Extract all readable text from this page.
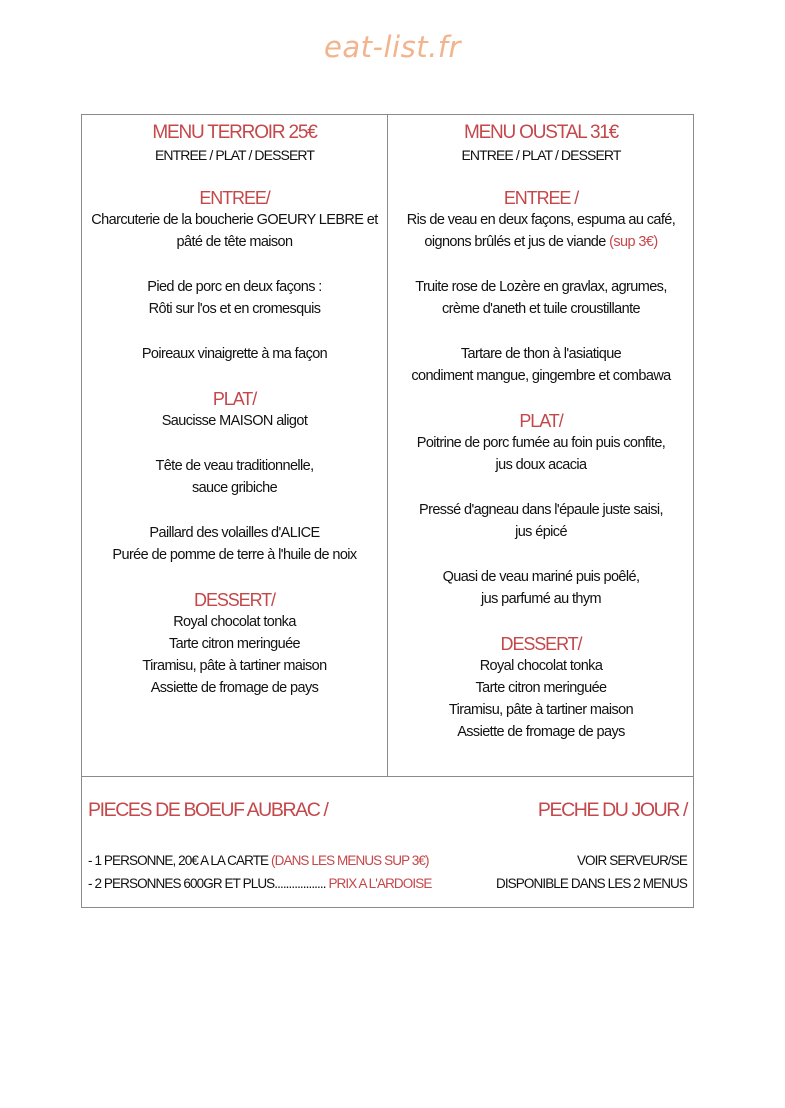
eat-list.fr
MENU TERROIR 25€
ENTREE / PLAT / DESSERT
ENTREE/
Charcuterie de la boucherie GOEURY LEBRE et
pâté de tête maison
Pied de porc en deux façons :
Rôti sur l'os et en cromesquis
Poireaux vinaigrette à ma façon
PLAT/
Saucisse MAISON aligot
Tête de veau traditionnelle,
sauce gribiche
Paillard des volailles d'ALICE
Purée de pomme de terre à l'huile de noix
DESSERT/
Royal chocolat tonka
Tarte citron meringuée
Tiramisu, pâte à tartiner maison
Assiette de fromage de pays
MENU OUSTAL 31€
ENTREE / PLAT / DESSERT
ENTREE /
Ris de veau en deux façons, espuma au café,
oignons brûlés et jus de viande (sup 3€)
Truite rose de Lozère en gravlax, agrumes,
crème d'aneth et tuile croustillante
Tartare de thon à l'asiatique
condiment mangue, gingembre et combawa
PLAT/
Poitrine de porc fumée au foin puis confite,
jus doux acacia
Pressé d'agneau dans l'épaule juste saisi,
jus épicé
Quasi de veau mariné puis poêlé,
jus parfumé au thym
DESSERT/
Royal chocolat tonka
Tarte citron meringuée
Tiramisu, pâte à tartiner maison
Assiette de fromage de pays
PIECES DE BOEUF AUBRAC /	PECHE DU JOUR /
- 1 PERSONNE, 20€ A LA CARTE (DANS LES MENUS SUP 3€)
- 2 PERSONNES 600GR ET PLUS.................. PRIX A L'ARDOISE
VOIR SERVEUR/SE
DISPONIBLE DANS LES 2 MENUS
